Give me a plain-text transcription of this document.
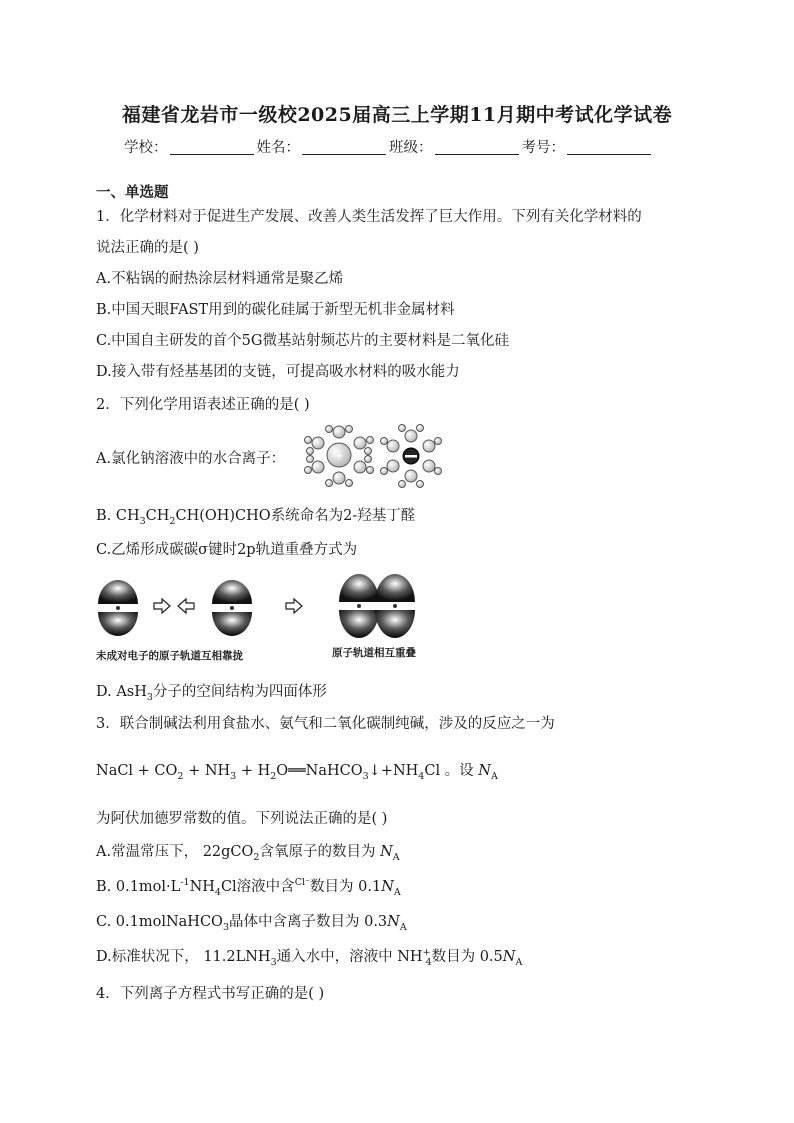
福建省龙岩市一级校2025届高三上学期11月期中考试化学试卷
学校：	姓名：	班级：	考号：
一、单选题
1．化学材料对于促进生产发展、改善人类生活发挥了巨大作用。下列有关化学材料的
说法正确的是( )
A.不粘锅的耐热涂层材料通常是聚乙烯
B.中国天眼FAST用到的碳化硅属于新型无机非金属材料
C.中国自主研发的首个5G微基站射频芯片的主要材料是二氧化硅
D.接入带有烃基基团的支链，可提高吸水材料的吸水能力
2．下列化学用语表述正确的是( )
A.氯化钠溶液中的水合离子：	+
B. $CH_3CH_2CH(OH)CHO$系统命名为2-羟基丁醛
C.乙烯形成碳碳σ键时2p轨道重叠方式为
未成对电子的原子轨道互相靠拢	原子轨道相互重叠
D. AsH$_3$分子的空间结构为四面体形
3．联合制碱法利用食盐水、氨气和二氧化碳制纯碱，涉及的反应之一为
NaCl + $CO_2 + NH_3$ + $H_2O══NaHCO_3↓+NH_4Cl$ 。设 $N_A$
为阿伏加德罗常数的值。下列说法正确的是( )
A.常温常压下， 22gCO$_2$含氧原子的数目为 $N_A$
B. $0.1mol\cdot L^{-1}NH_4Cl$溶液中含$^{Cl^-}$数目为 $0.1N_A$
C. 0.1molNaHCO$_3$晶体中含离子数目为 $0.3N_A$
D.标准状况下， $11.2LNH_3$通入水中，溶液中 $NH^+_4$数目为 $0.5N_A$
4．下列离子方程式书写正确的是( )
